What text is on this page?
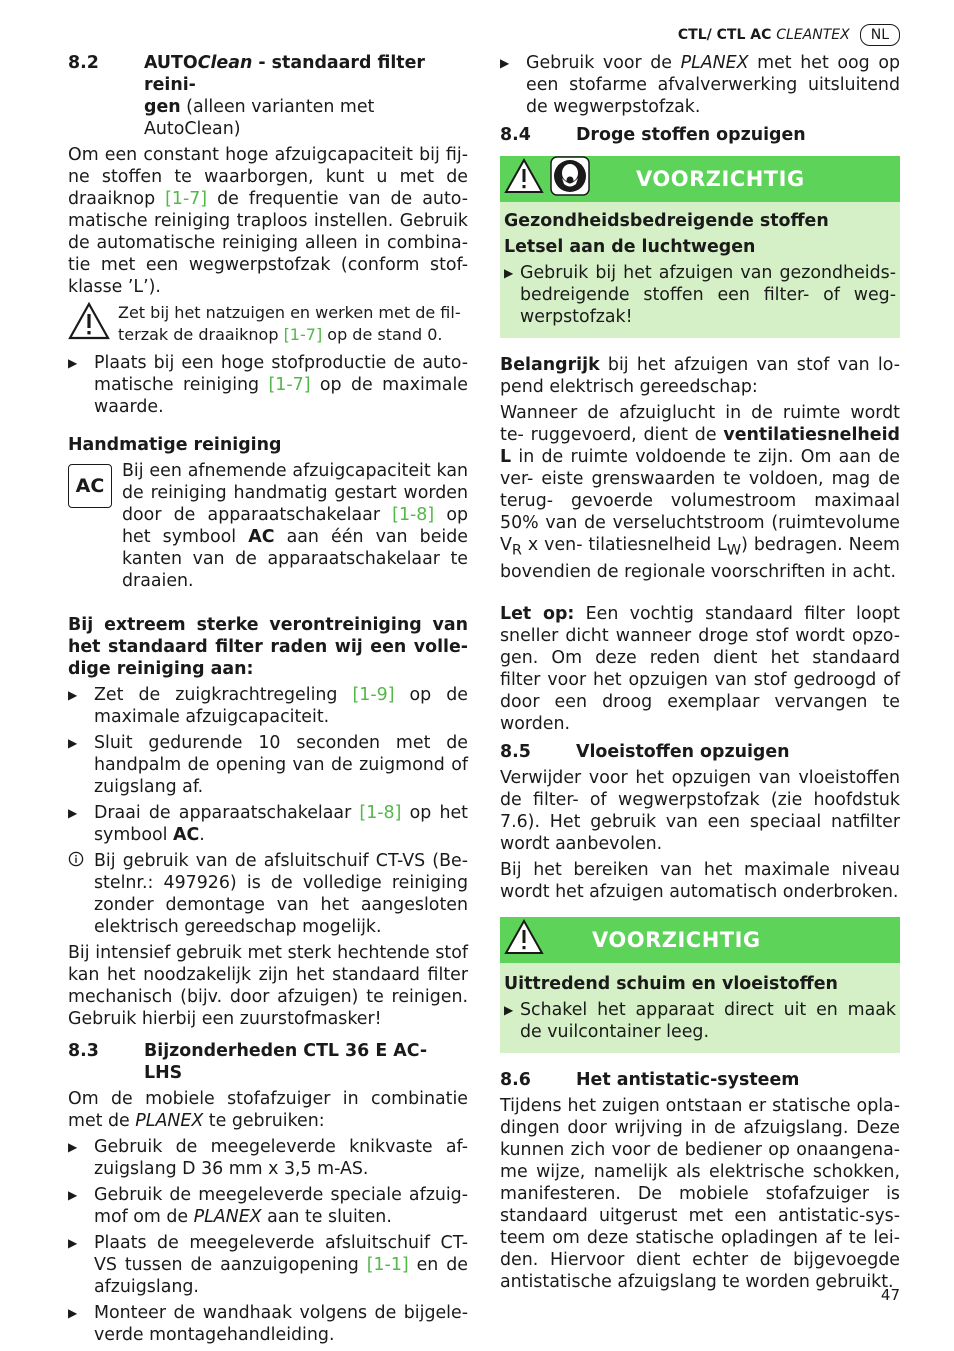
CTL/ CTL AC CLEANTEX	NL
8.2	AUTOClean - standaard filter reini-
gen (alleen varianten met AutoClean)

Om een constant hoge afzuigcapaciteit bij fij- ne stoffen te waarborgen, kunt u met de draaiknop [1-7] de frequentie van de auto- matische reiniging traploos instellen. Gebruik de automatische reiniging alleen in combina- tie met een wegwerpstofzak (conform stof- klasse ’L’).

Zet bij het natzuigen en werken met de fil- terzak de draaiknop [1-7] op de stand 0.
▶ Plaats bij een hoge stofproductie de auto- matische reiniging [1-7] op de maximale waarde.
Handmatige reiniging
AC

Bij een afnemende afzuigcapaciteit kan de reiniging handmatig gestart worden door de apparaatschakelaar [1-8] op het symbool AC aan één van beide kanten van de apparaatschakelaar te draaien.

Bij extreem sterke verontreiniging van het standaard filter raden wij een volle- dige reiniging aan:
▶ Zet de zuigkrachtregeling [1-9] op de maximale afzuigcapaciteit.
▶ Sluit gedurende 10 seconden met de handpalm de opening van de zuigmond of zuigslang af.
▶ Draai de apparaatschakelaar [1-8] op het symbool AC.
Bij gebruik van de afsluitschuif CT-VS (Be- stelnr.: 497926) is de volledige reiniging zonder demontage van het aangesloten elektrisch gereedschap mogelijk.

Bij intensief gebruik met sterk hechtende stof kan het noodzakelijk zijn het standaard filter mechanisch (bijv. door afzuigen) te reinigen. Gebruik hierbij een zuurstofmasker!

8.3	Bijzonderheden CTL 36 E AC- LHS

Om de mobiele stofafzuiger in combinatie met de PLANEX te gebruiken:

▶ Gebruik de meegeleverde knikvaste af- zuigslang D 36 mm x 3,5 m-AS.
▶ Gebruik de meegeleverde speciale afzuig- mof om de PLANEX aan te sluiten.
▶ Plaats de meegeleverde afsluitschuif CT- VS tussen de aanzuigopening [1-1] en de afzuigslang.
▶ Monteer de wandhaak volgens de bijgele- verde montagehandleiding.
▶ Gebruik voor de PLANEX met het oog op een stofarme afvalverwerking uitsluitend de wegwerpstofzak.
8.4	Droge stoffen opzuigen
VOORZICHTIG
Gezondheidsbedreigende stoffen
Letsel aan de luchtwegen
▶ Gebruik bij het afzuigen van gezondheids- bedreigende stoffen een filter- of weg- werpstofzak!

Belangrijk bij het afzuigen van stof van lo- pend elektrisch gereedschap:

Wanneer de afzuiglucht in de ruimte wordt te- ruggevoerd, dient de ventilatiesnelheid L in de ruimte voldoende te zijn. Om aan de ver- eiste grenswaarden te voldoen, mag de terug- gevoerde volumestroom maximaal 50% van de verseluchtstroom (ruimtevolume $V_R$ x ven- tilatiesnelheid $L_W$) bedragen. Neem bovendien de regionale voorschriften in acht.

Let op: Een vochtig standaard filter loopt sneller dicht wanneer droge stof wordt opzo- gen. Om deze reden dient het standaard filter voor het opzuigen van stof gedroogd of door een droog exemplaar vervangen te worden.

8.5	Vloeistoffen opzuigen

Verwijder voor het opzuigen van vloeistoffen de filter- of wegwerpstofzak (zie hoofdstuk 7.6). Het gebruik van een speciaal natfilter wordt aanbevolen.

Bij het bereiken van het maximale niveau wordt het afzuigen automatisch onderbroken.

VOORZICHTIG
Uittredend schuim en vloeistoffen
▶ Schakel het apparaat direct uit en maak de vuilcontainer leeg.
8.6	Het antistatic-systeem

Tijdens het zuigen ontstaan er statische opla- dingen door wrijving in de afzuigslang. Deze kunnen zich voor de bediener op onaangena- me wijze, namelijk als elektrische schokken, manifesteren. De mobiele stofafzuiger is standaard uitgerust met een antistatic-sys- teem om deze statische opladingen af te lei- den. Hiervoor dient echter de bijgevoegde antistatische afzuigslang te worden gebruikt.

47
